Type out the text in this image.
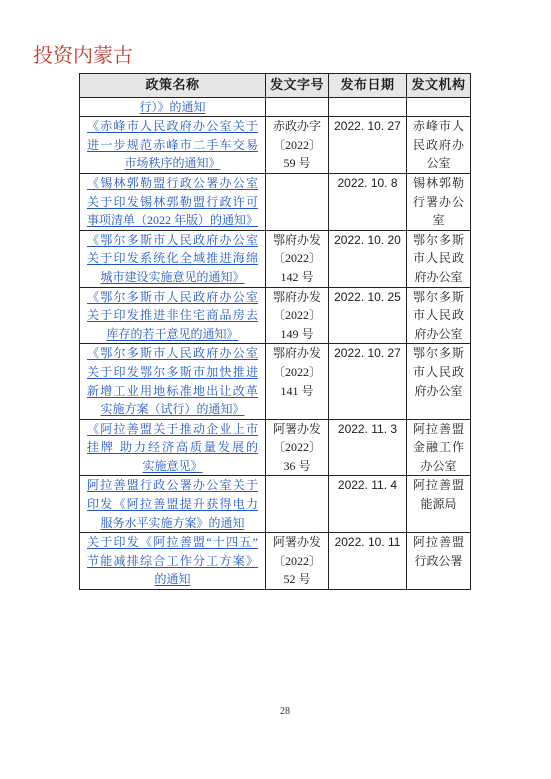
投资内蒙古
政策名称	发文字号	发布日期	发文机构

行）》的通知			

《赤峰市人民政府办公室关于
进一步规范赤峰市二手车交易
市场秩序的通知》	赤政办字
〔2022〕
59 号	2022. 10. 27	赤峰市人
民政府办
公室

《锡林郭勒盟行政公署办公室
关于印发锡林郭勒盟行政许可
事项清单（2022 年版）的通知》		2022. 10. 8	锡林郭勒
行署办公
室

《鄂尔多斯市人民政府办公室
关于印发系统化全域推进海绵
城市建设实施意见的通知》	鄂府办发
〔2022〕
142 号	2022. 10. 20	鄂尔多斯
市人民政
府办公室

《鄂尔多斯市人民政府办公室
关于印发推进非住宅商品房去
库存的若干意见的通知》	鄂府办发
〔2022〕
149 号	2022. 10. 25	鄂尔多斯
市人民政
府办公室

《鄂尔多斯市人民政府办公室
关于印发鄂尔多斯市加快推进
新增工业用地标准地出让改革
实施方案（试行）的通知》	鄂府办发
〔2022〕
141 号	2022. 10. 27	鄂尔多斯
市人民政
府办公室

《阿拉善盟关于推动企业上市
挂牌 助力经济高质量发展的
实施意见》	阿署办发
〔2022〕
36 号	2022. 11. 3	阿拉善盟
金融工作
办公室

阿拉善盟行政公署办公室关于
印发《阿拉善盟提升获得电力
服务水平实施方案》的通知		2022. 11. 4	阿拉善盟
能源局

关于印发《阿拉善盟“十四五”
节能减排综合工作分工方案》
的通知	阿署办发
〔2022〕
52 号	2022. 10. 11	阿拉善盟
行政公署
28
